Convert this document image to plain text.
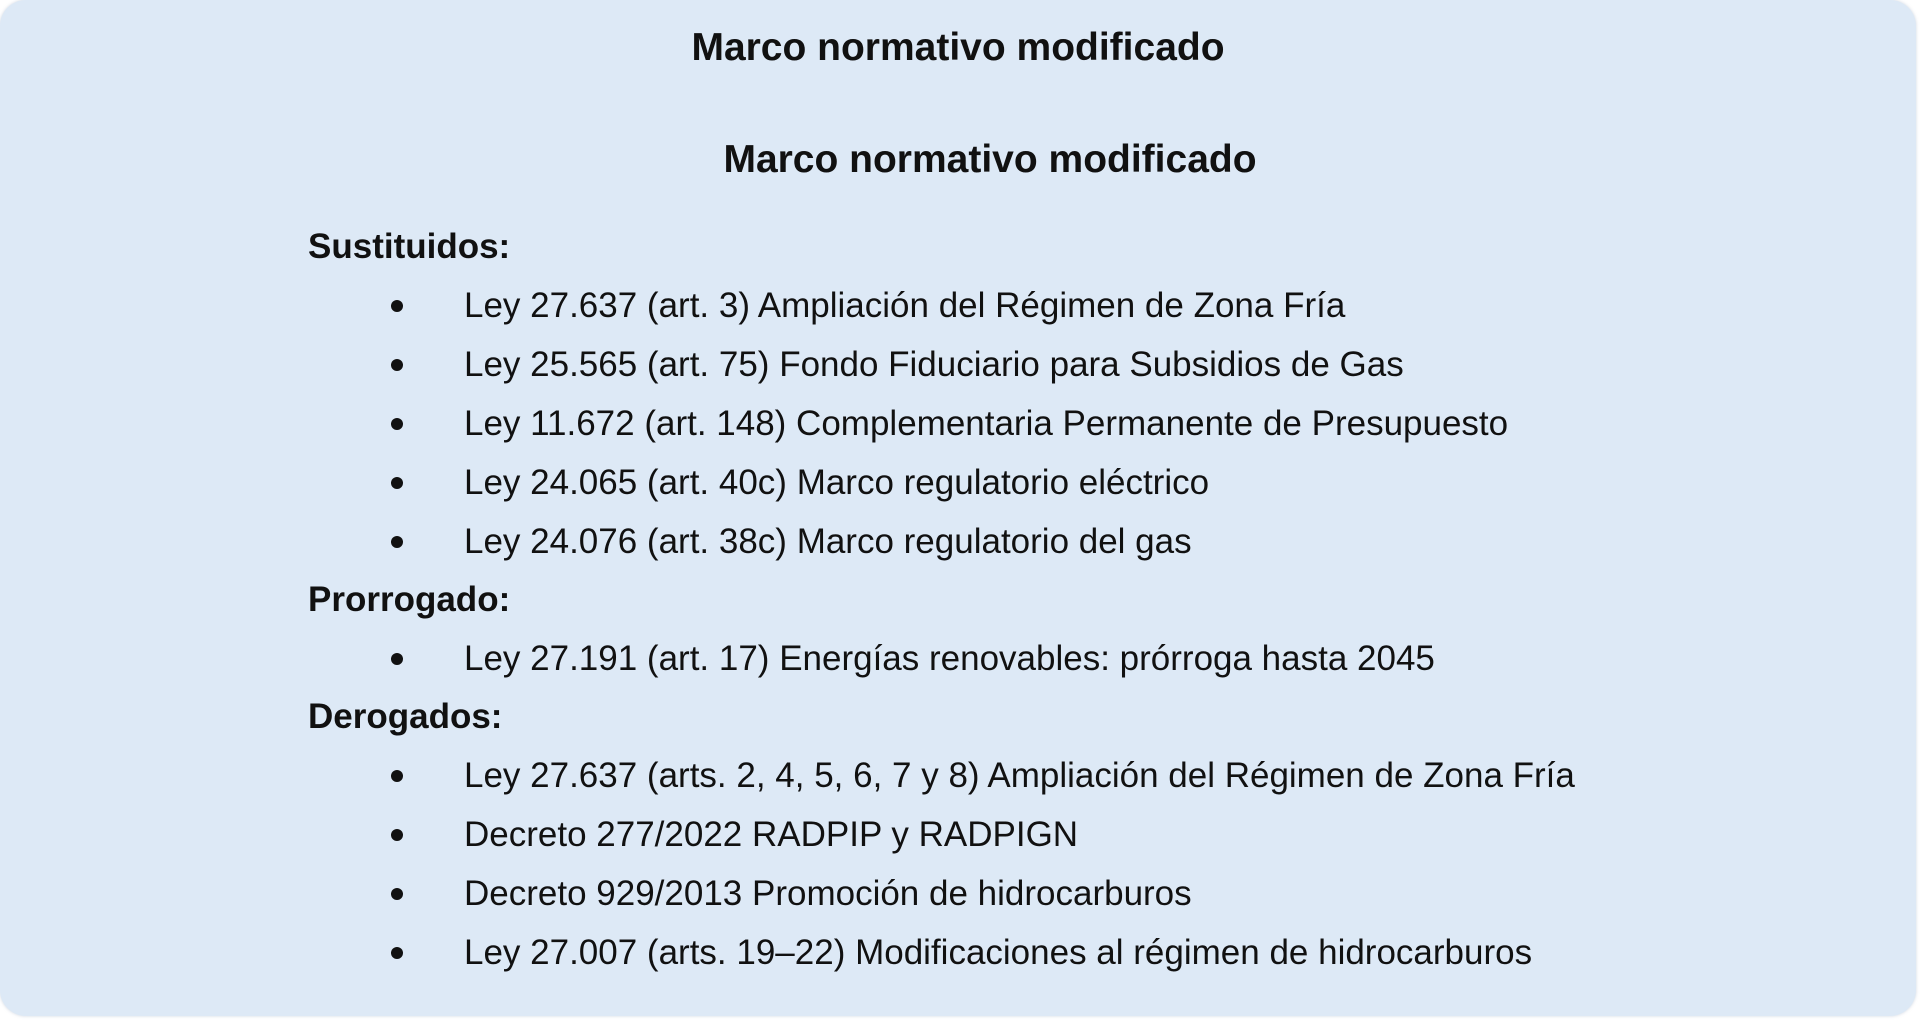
Marco normativo modificado
Marco normativo modificado
Sustituidos:
Ley 27.637 (art. 3) Ampliación del Régimen de Zona Fría
Ley 25.565 (art. 75) Fondo Fiduciario para Subsidios de Gas
Ley 11.672 (art. 148) Complementaria Permanente de Presupuesto
Ley 24.065 (art. 40c) Marco regulatorio eléctrico
Ley 24.076 (art. 38c) Marco regulatorio del gas
Prorrogado:
Ley 27.191 (art. 17) Energías renovables: prórroga hasta 2045
Derogados:
Ley 27.637 (arts. 2, 4, 5, 6, 7 y 8) Ampliación del Régimen de Zona Fría
Decreto 277/2022 RADPIP y RADPIGN
Decreto 929/2013 Promoción de hidrocarburos
Ley 27.007 (arts. 19–22) Modificaciones al régimen de hidrocarburos
